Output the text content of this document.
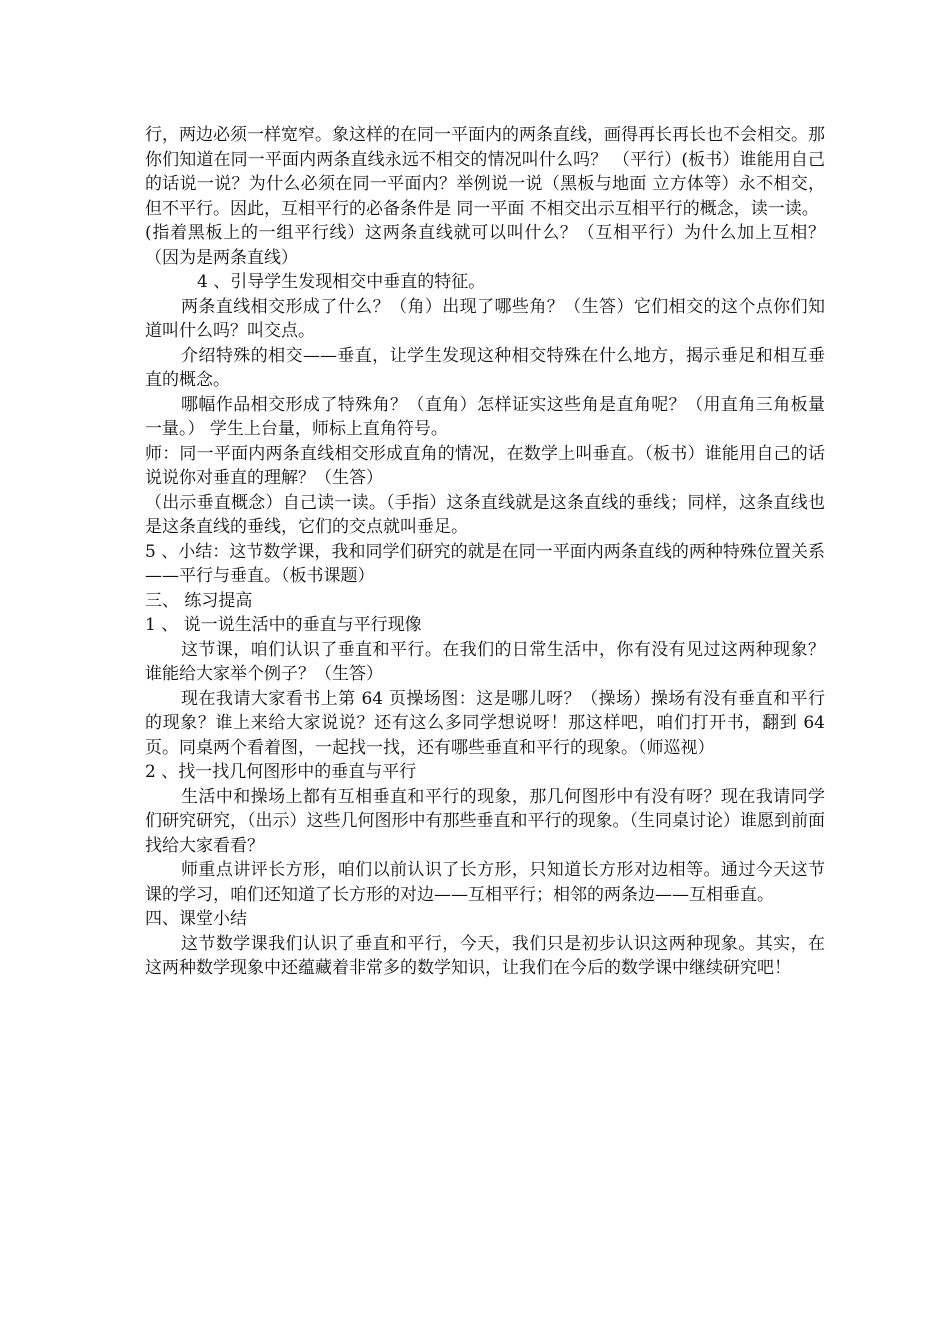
行，两边必须一样宽窄。象这样的在同一平面内的两条直线，画得再长再长也不会相交。那你们知道在同一平面内两条直线永远不相交的情况叫什么吗？ （平行）(板书）谁能用自己的话说一说？为什么必须在同一平面内？举例说一说（黑板与地面 立方体等）永不相交，但不平行。因此，互相平行的必备条件是 同一平面 不相交出示互相平行的概念，读一读。

(指着黑板上的一组平行线）这两条直线就可以叫什么？（互相平行）为什么加上互相？（因为是两条直线）

4 、引导学生发现相交中垂直的特征。

两条直线相交形成了什么？（角）出现了哪些角？（生答）它们相交的这个点你们知道叫什么吗？叫交点。

介绍特殊的相交——垂直，让学生发现这种相交特殊在什么地方，揭示垂足和相互垂直的概念。

哪幅作品相交形成了特殊角？（直角）怎样证实这些角是直角呢？（用直角三角板量一量。） 学生上台量，师标上直角符号。

师：同一平面内两条直线相交形成直角的情况，在数学上叫垂直。（板书）谁能用自己的话说说你对垂直的理解？（生答）

（出示垂直概念）自己读一读。（手指）这条直线就是这条直线的垂线；同样，这条直线也是这条直线的垂线，它们的交点就叫垂足。

5 、小结：这节数学课，我和同学们研究的就是在同一平面内两条直线的两种特殊位置关系——平行与垂直。（板书课题）

三、 练习提高

1 、 说一说生活中的垂直与平行现像

这节课，咱们认识了垂直和平行。在我们的日常生活中，你有没有见过这两种现象？谁能给大家举个例子？（生答）

现在我请大家看书上第 64 页操场图：这是哪儿呀？（操场）操场有没有垂直和平行的现象？谁上来给大家说说？还有这么多同学想说呀！那这样吧，咱们打开书，翻到 64 页。同桌两个看着图，一起找一找，还有哪些垂直和平行的现象。（师巡视）

2 、找一找几何图形中的垂直与平行

生活中和操场上都有互相垂直和平行的现象，那几何图形中有没有呀？现在我请同学们研究研究，（出示）这些几何图形中有那些垂直和平行的现象。（生同桌讨论）谁愿到前面找给大家看看？

师重点讲评长方形，咱们以前认识了长方形，只知道长方形对边相等。通过今天这节课的学习，咱们还知道了长方形的对边——互相平行；相邻的两条边——互相垂直。

四、课堂小结

这节数学课我们认识了垂直和平行，今天，我们只是初步认识这两种现象。其实，在这两种数学现象中还蕴藏着非常多的数学知识，让我们在今后的数学课中继续研究吧！
